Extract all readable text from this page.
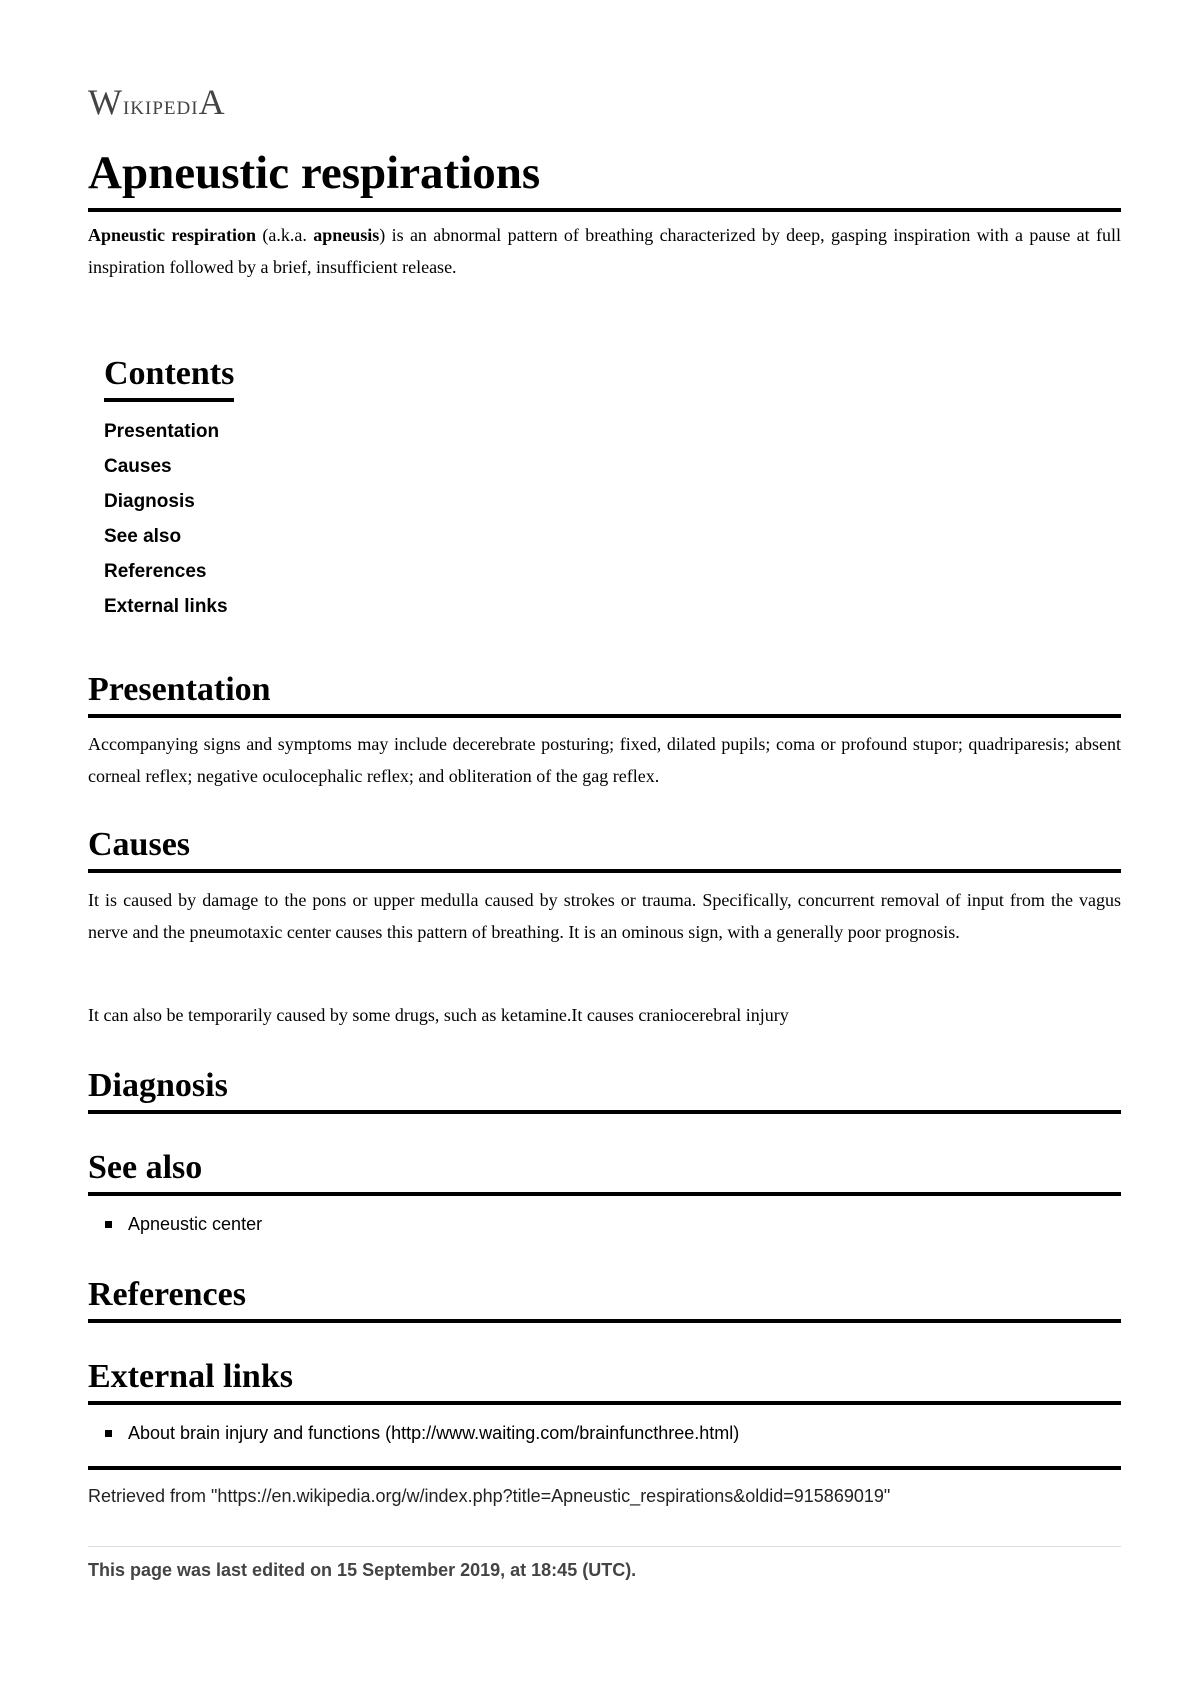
WikipediA
Apneustic respirations

Apneustic respiration (a.k.a. apneusis) is an abnormal pattern of breathing characterized by deep, gasping inspiration with a pause at full inspiration followed by a brief, insufficient release.

Contents
Presentation
Causes
Diagnosis
See also
References
External links
Presentation

Accompanying signs and symptoms may include decerebrate posturing; fixed, dilated pupils; coma or profound stupor; quadriparesis; absent corneal reflex; negative oculocephalic reflex; and obliteration of the gag reflex.

Causes

It is caused by damage to the pons or upper medulla caused by strokes or trauma. Specifically, concurrent removal of input from the vagus nerve and the pneumotaxic center causes this pattern of breathing. It is an ominous sign, with a generally poor prognosis.

It can also be temporarily caused by some drugs, such as ketamine.It causes craniocerebral injury

Diagnosis
See also
Apneustic center
References
External links
About brain injury and functions (http://www.waiting.com/brainfuncthree.html)
Retrieved from "https://en.wikipedia.org/w/index.php?title=Apneustic_respirations&oldid=915869019"
This page was last edited on 15 September 2019, at 18:45 (UTC).
